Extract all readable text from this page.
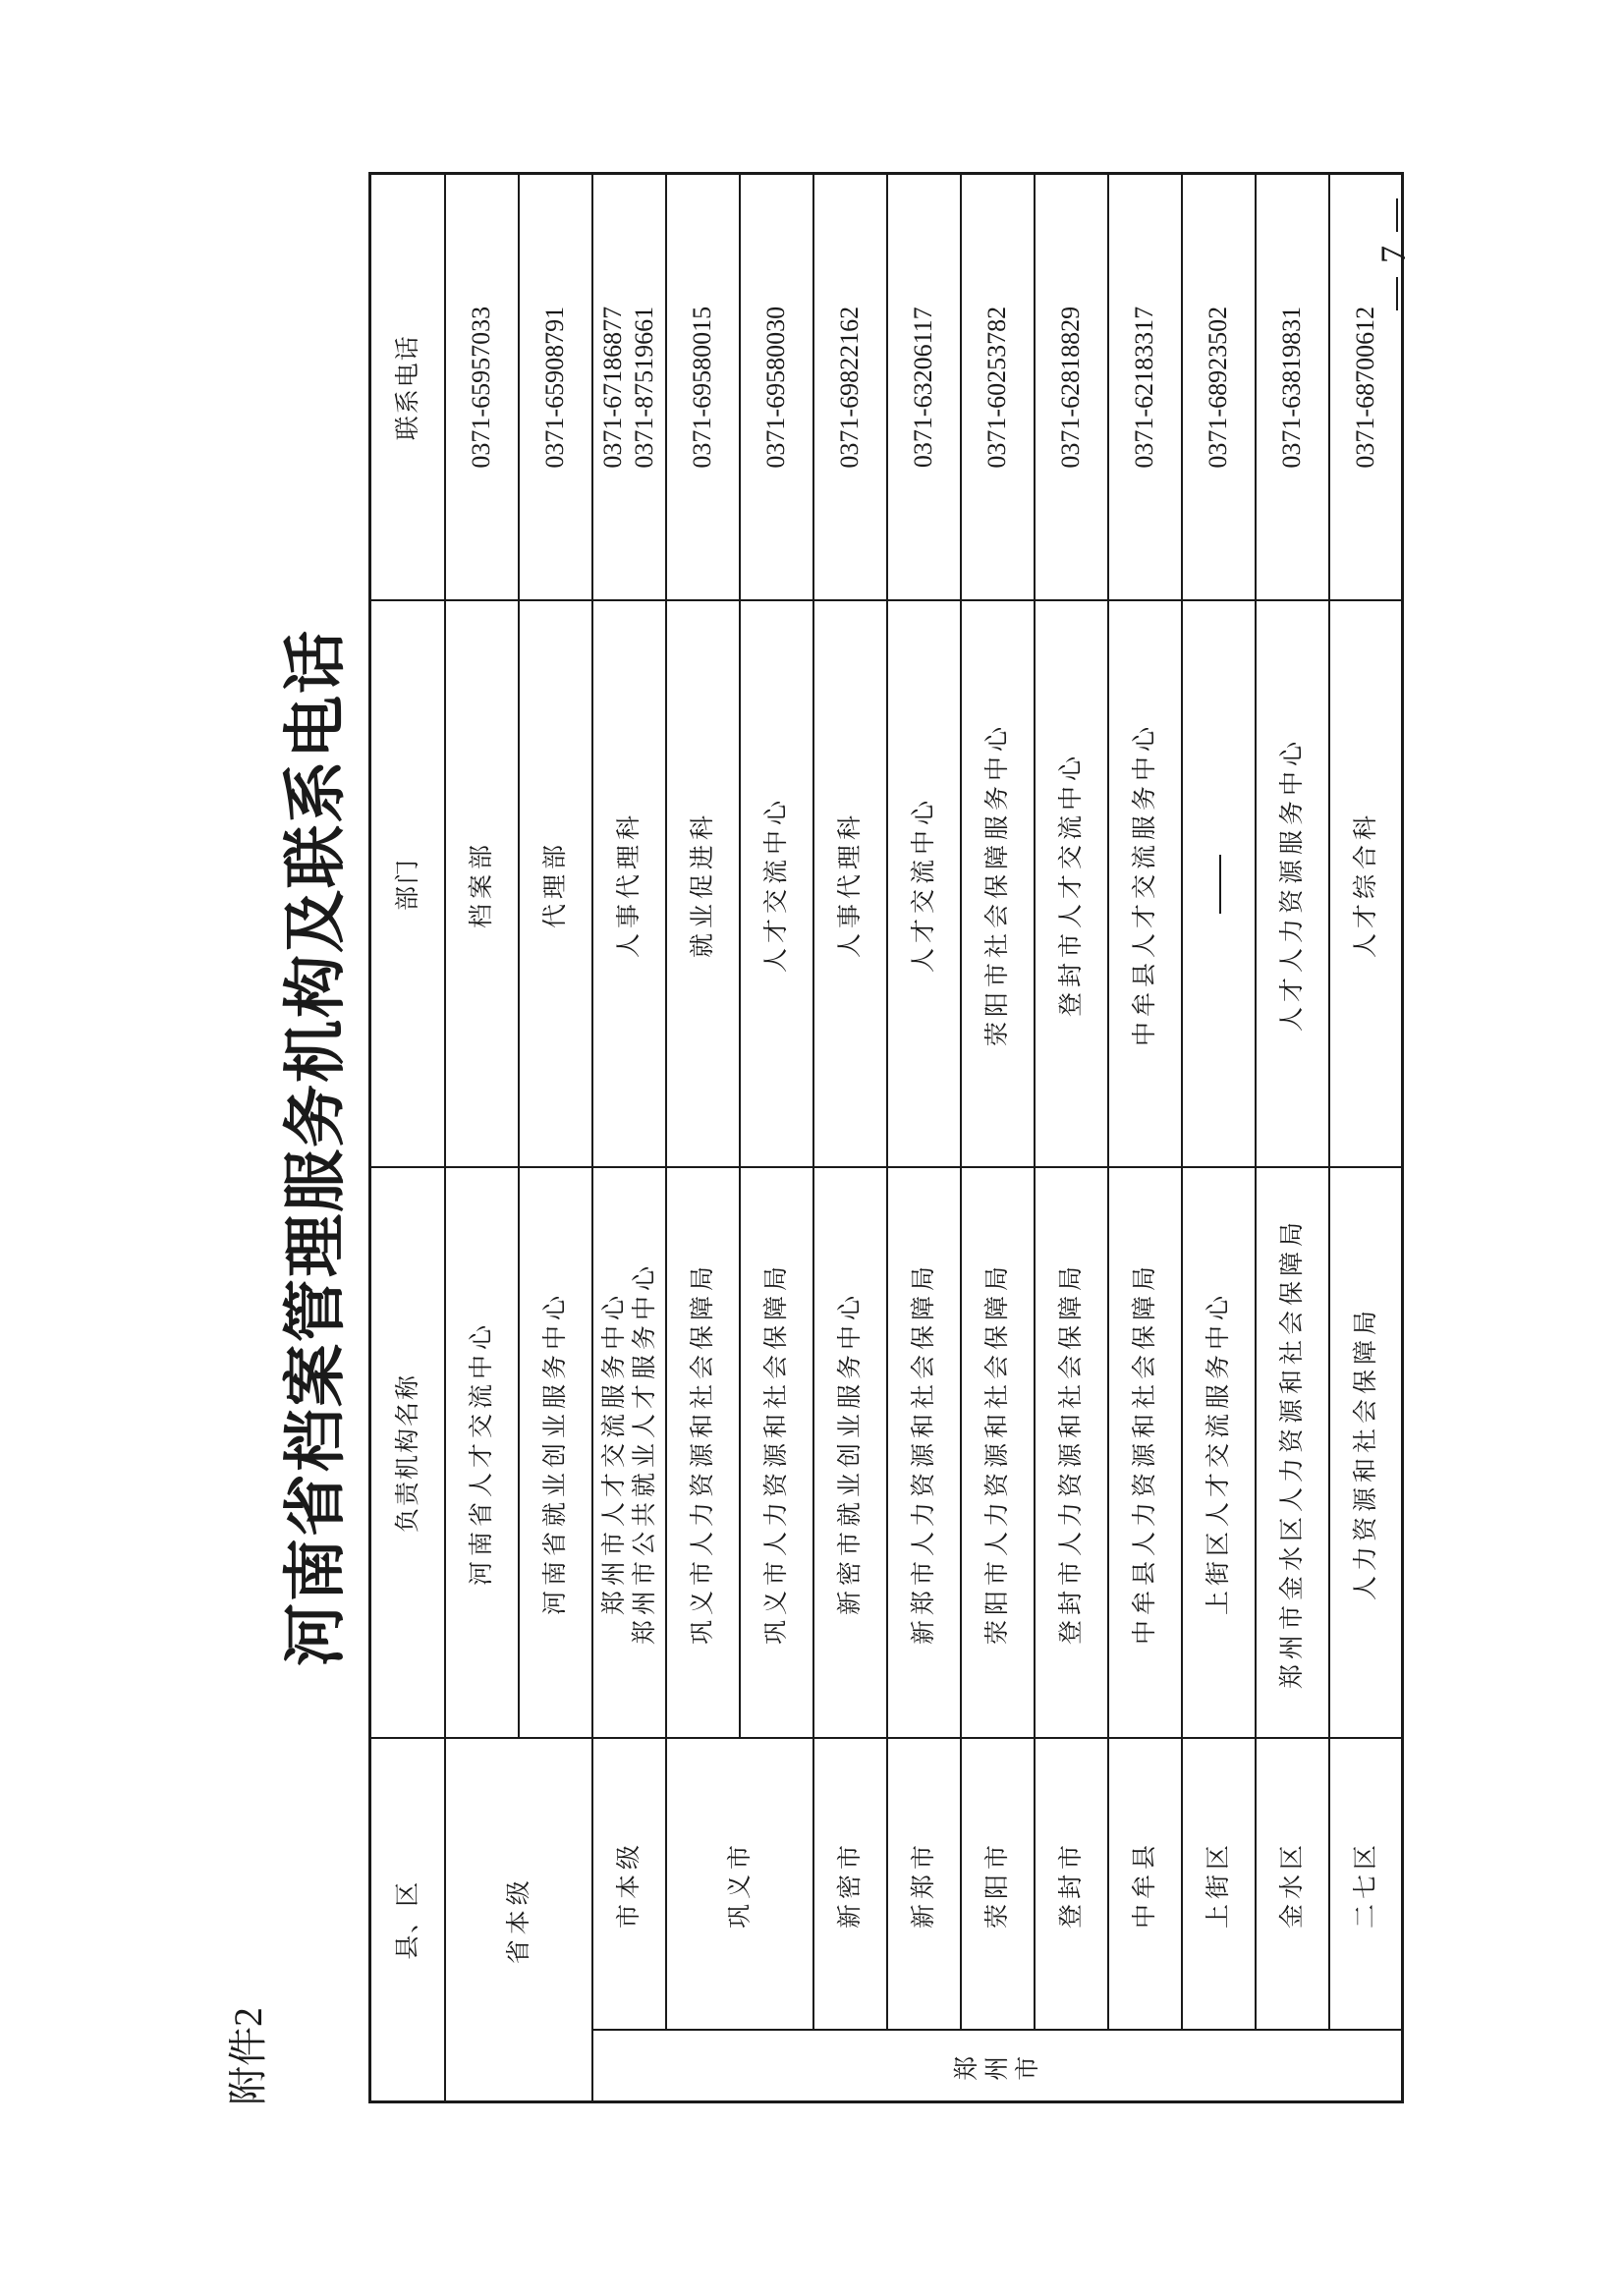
附件2
河南省档案管理服务机构及联系电话
县、区		负责机构名称	部门	联系电话
省本级		河南省人才交流中心	档案部	0371-65957033
		河南省就业创业服务中心	代理部	0371-65908791
郑州市	市本级	郑州市人才交流服务中心 郑州市公共就业人才服务中心	人事代理科	0371-67186877 0371-87519661

	巩义市	巩义市人力资源和社会保障局	就业促进科	0371-69580015
		巩义市人力资源和社会保障局	人才交流中心	0371-69580030
	新密市	新密市就业创业服务中心	人事代理科	0371-69822162
	新郑市	新郑市人力资源和社会保障局	人才交流中心	0371-63206117
	荥阳市	荥阳市人力资源和社会保障局	荥阳市社会保障服务中心	0371-60253782
	登封市	登封市人力资源和社会保障局	登封市人才交流中心	0371-62818829
	中牟县	中牟县人力资源和社会保障局	中牟县人才交流服务中心	0371-62183317
	上街区	上街区人才交流服务中心		0371-68923502
	金水区	郑州市金水区人力资源和社会保障局	人才人力资源服务中心	0371-63819831
	二七区	人力资源和社会保障局	人才综合科	0371-68700612
7
